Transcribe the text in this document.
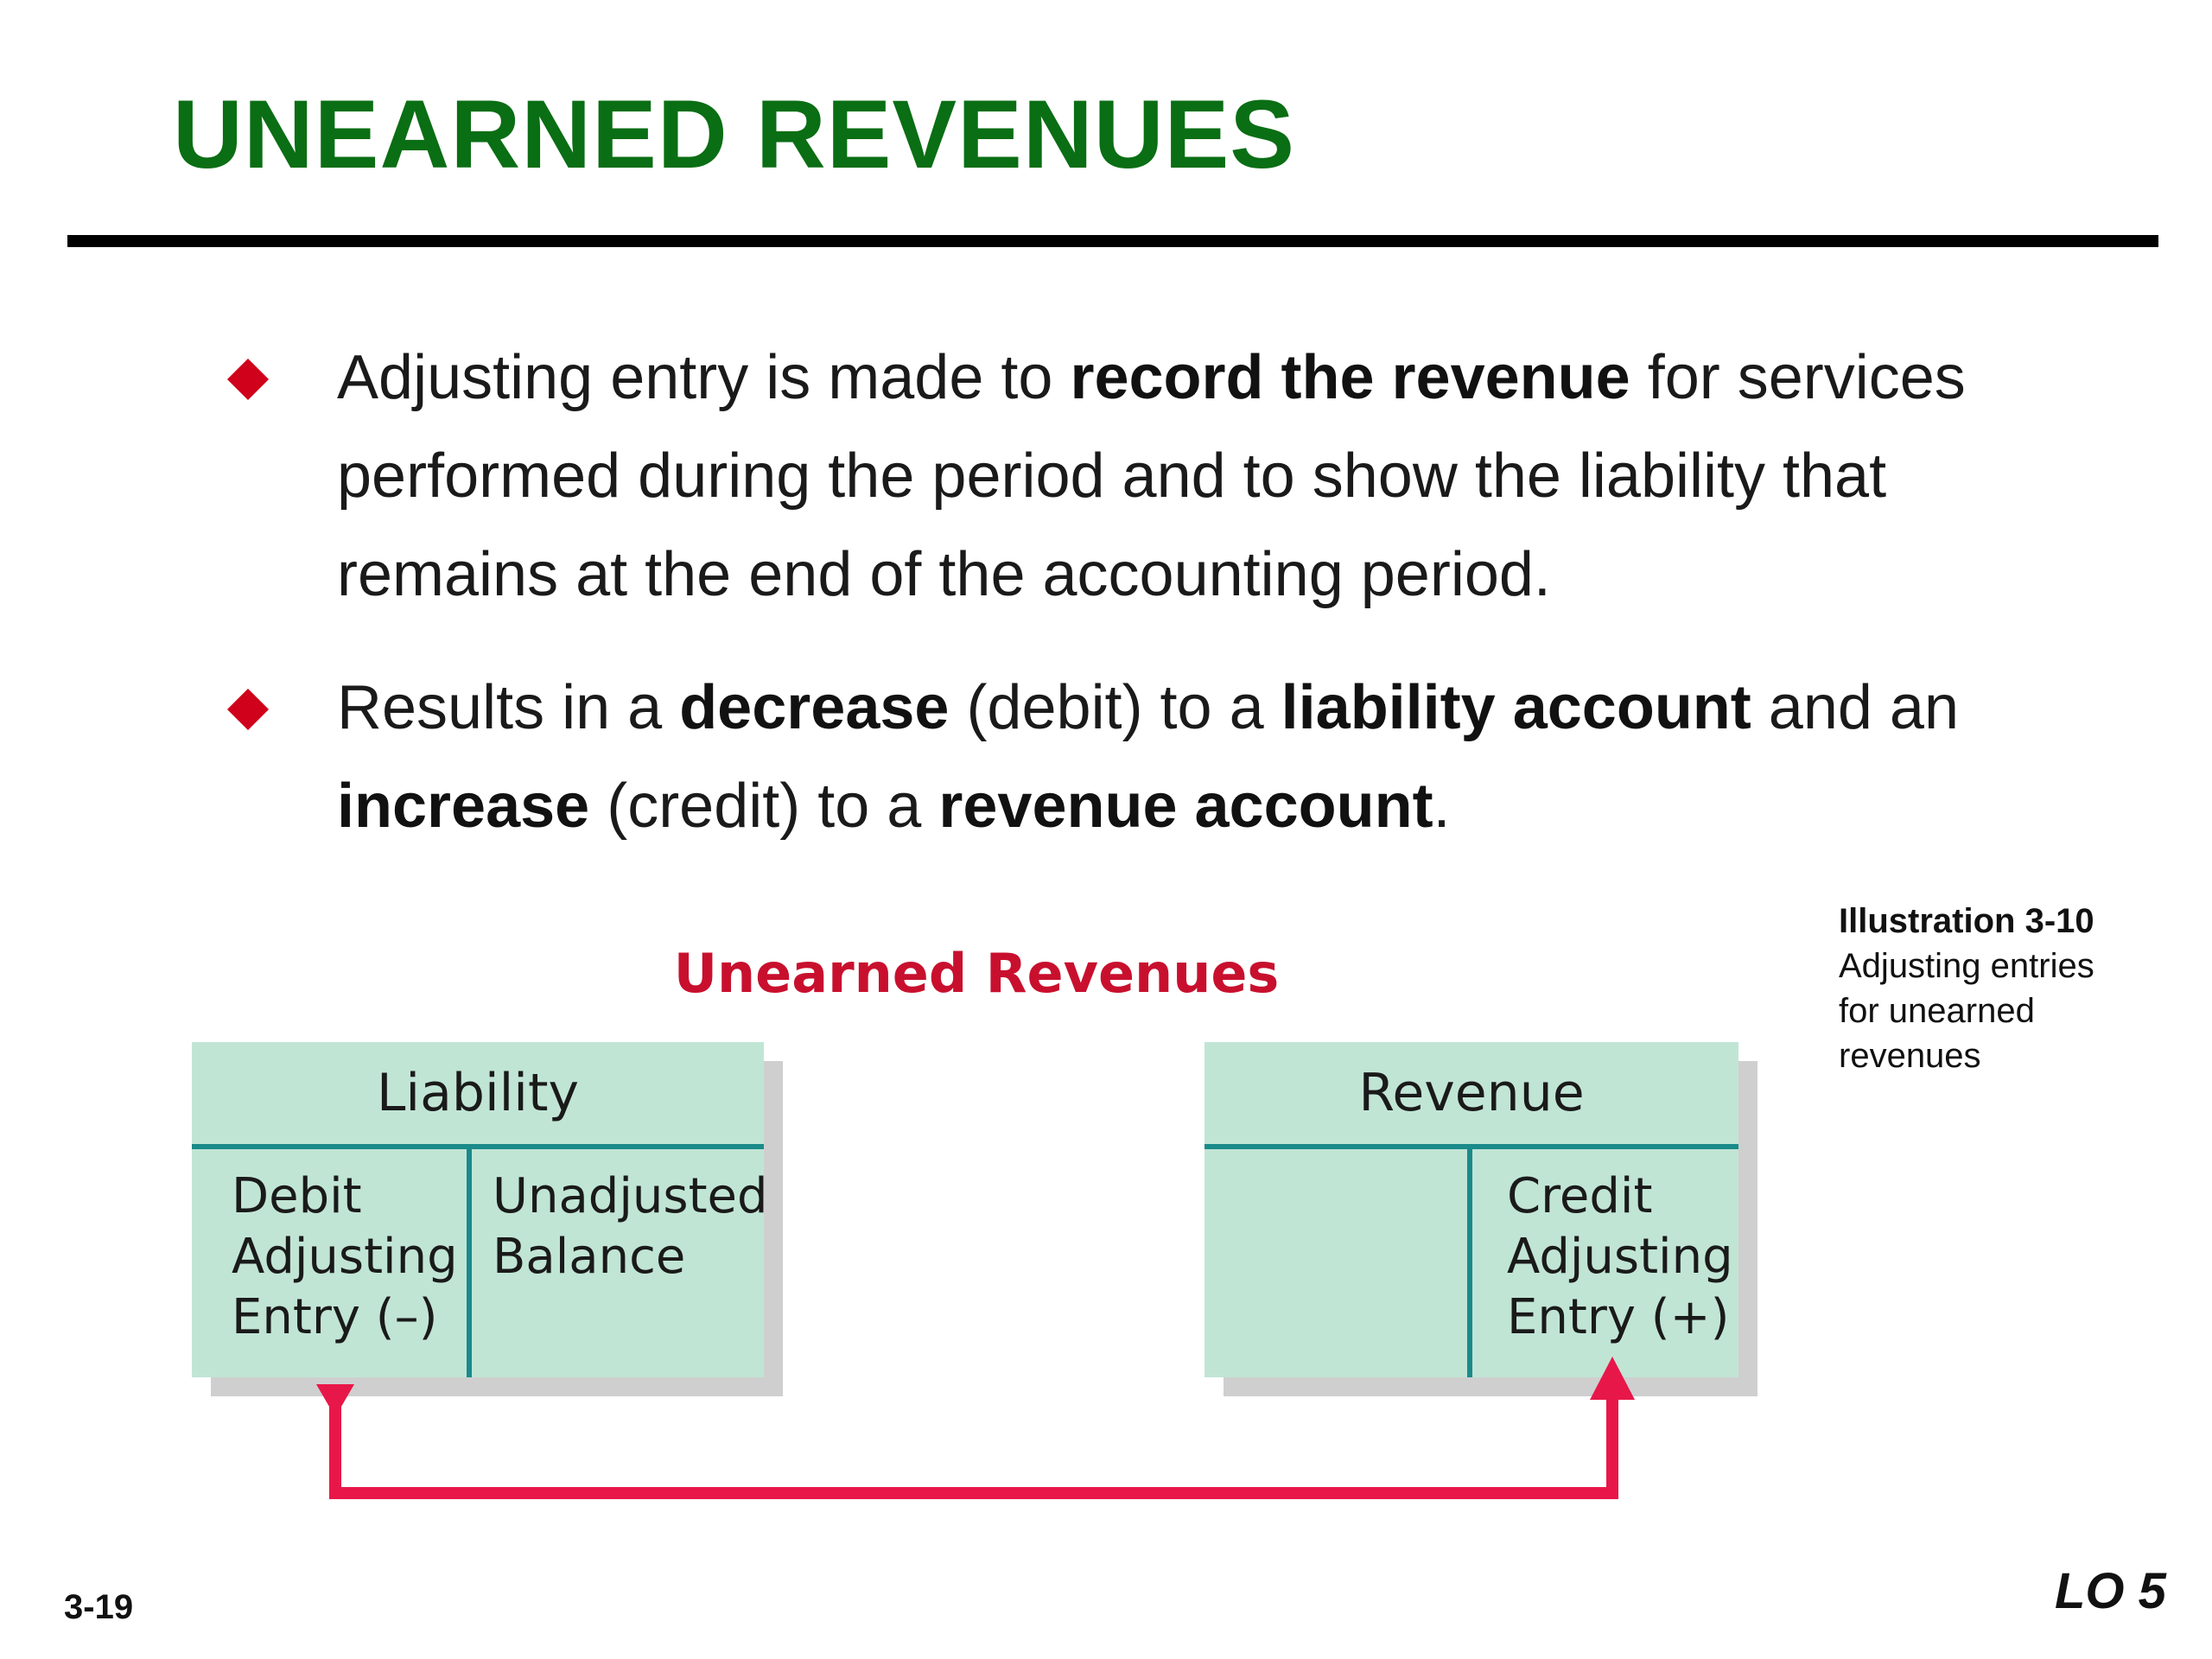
UNEARNED REVENUES
Adjusting entry is made to record the revenue for services performed during the period and to show the liability that remains at the end of the accounting period.
Results in a decrease (debit) to a liability account and an increase (credit) to a revenue account.
Illustration 3-10
Adjusting entries
for unearned
revenues
Unearned Revenues
Liability
Debit
Adjusting
Entry (–)
Unadjusted
Balance
Revenue
Credit
Adjusting
Entry (+)
3-19	LO 5
